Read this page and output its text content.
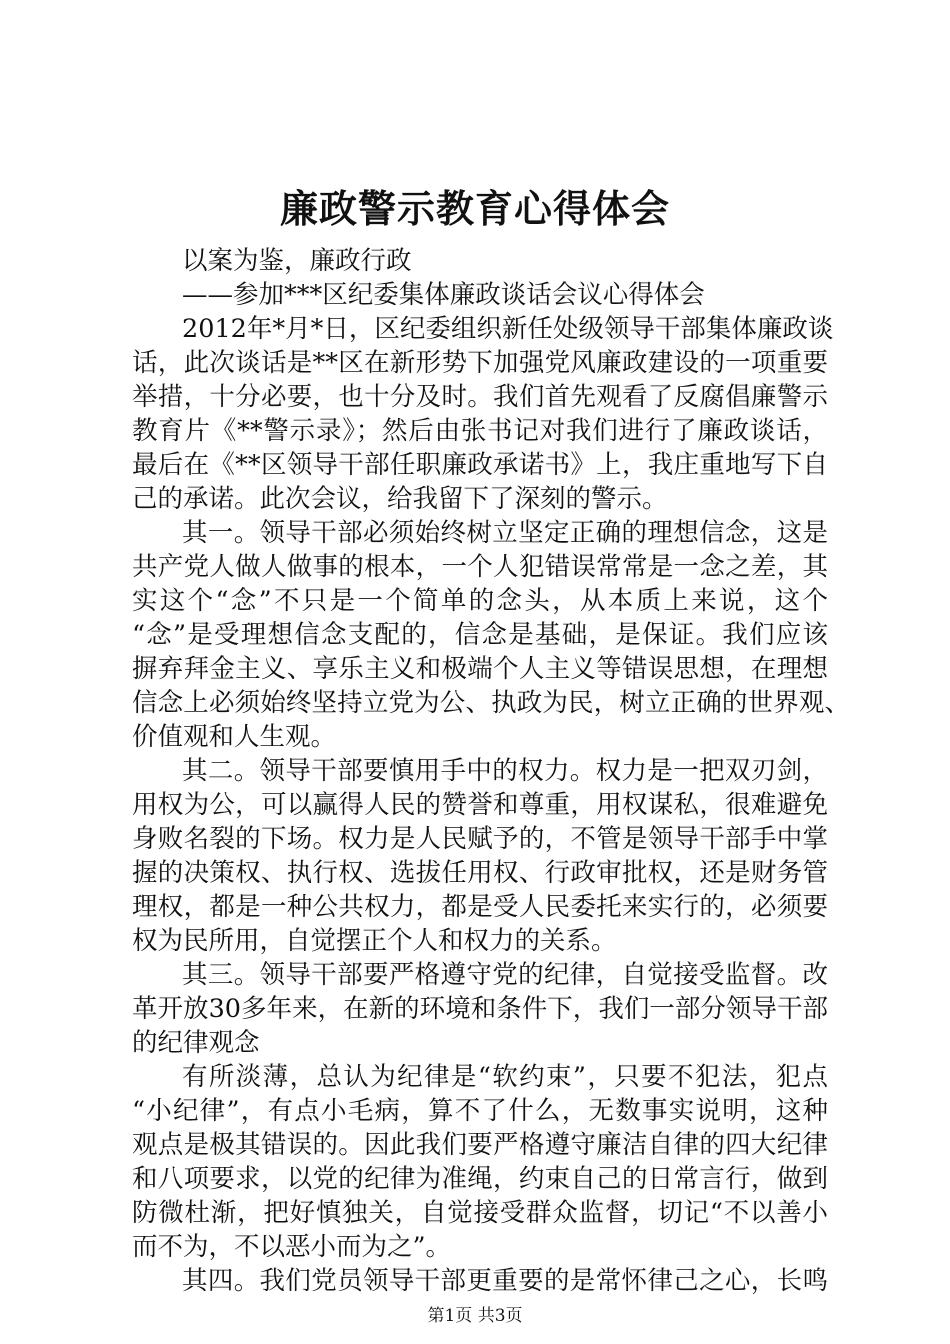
廉政警示教育心得体会
以案为鉴，廉政行政
——参加***区纪委集体廉政谈话会议心得体会
2012年*月*日，区纪委组织新任处级领导干部集体廉政谈
话，此次谈话是**区在新形势下加强党风廉政建设的一项重要
举措，十分必要，也十分及时。我们首先观看了反腐倡廉警示
教育片《**警示录》；然后由张书记对我们进行了廉政谈话，
最后在《**区领导干部任职廉政承诺书》上，我庄重地写下自
己的承诺。此次会议，给我留下了深刻的警示。
其一。领导干部必须始终树立坚定正确的理想信念，这是
共产党人做人做事的根本，一个人犯错误常常是一念之差，其
实这个“念”不只是一个简单的念头，从本质上来说，这个
“念”是受理想信念支配的，信念是基础，是保证。我们应该
摒弃拜金主义、享乐主义和极端个人主义等错误思想，在理想
信念上必须始终坚持立党为公、执政为民，树立正确的世界观、
价值观和人生观。
其二。领导干部要慎用手中的权力。权力是一把双刃剑，
用权为公，可以赢得人民的赞誉和尊重，用权谋私，很难避免
身败名裂的下场。权力是人民赋予的，不管是领导干部手中掌
握的决策权、执行权、选拔任用权、行政审批权，还是财务管
理权，都是一种公共权力，都是受人民委托来实行的，必须要
权为民所用，自觉摆正个人和权力的关系。
其三。领导干部要严格遵守党的纪律，自觉接受监督。改
革开放30多年来，在新的环境和条件下，我们一部分领导干部
的纪律观念
有所淡薄，总认为纪律是“软约束”，只要不犯法，犯点
“小纪律”，有点小毛病，算不了什么，无数事实说明，这种
观点是极其错误的。因此我们要严格遵守廉洁自律的四大纪律
和八项要求，以党的纪律为准绳，约束自己的日常言行，做到
防微杜渐，把好慎独关，自觉接受群众监督，切记“不以善小
而不为，不以恶小而为之”。
其四。我们党员领导干部更重要的是常怀律己之心，长鸣
第1页 共3页
